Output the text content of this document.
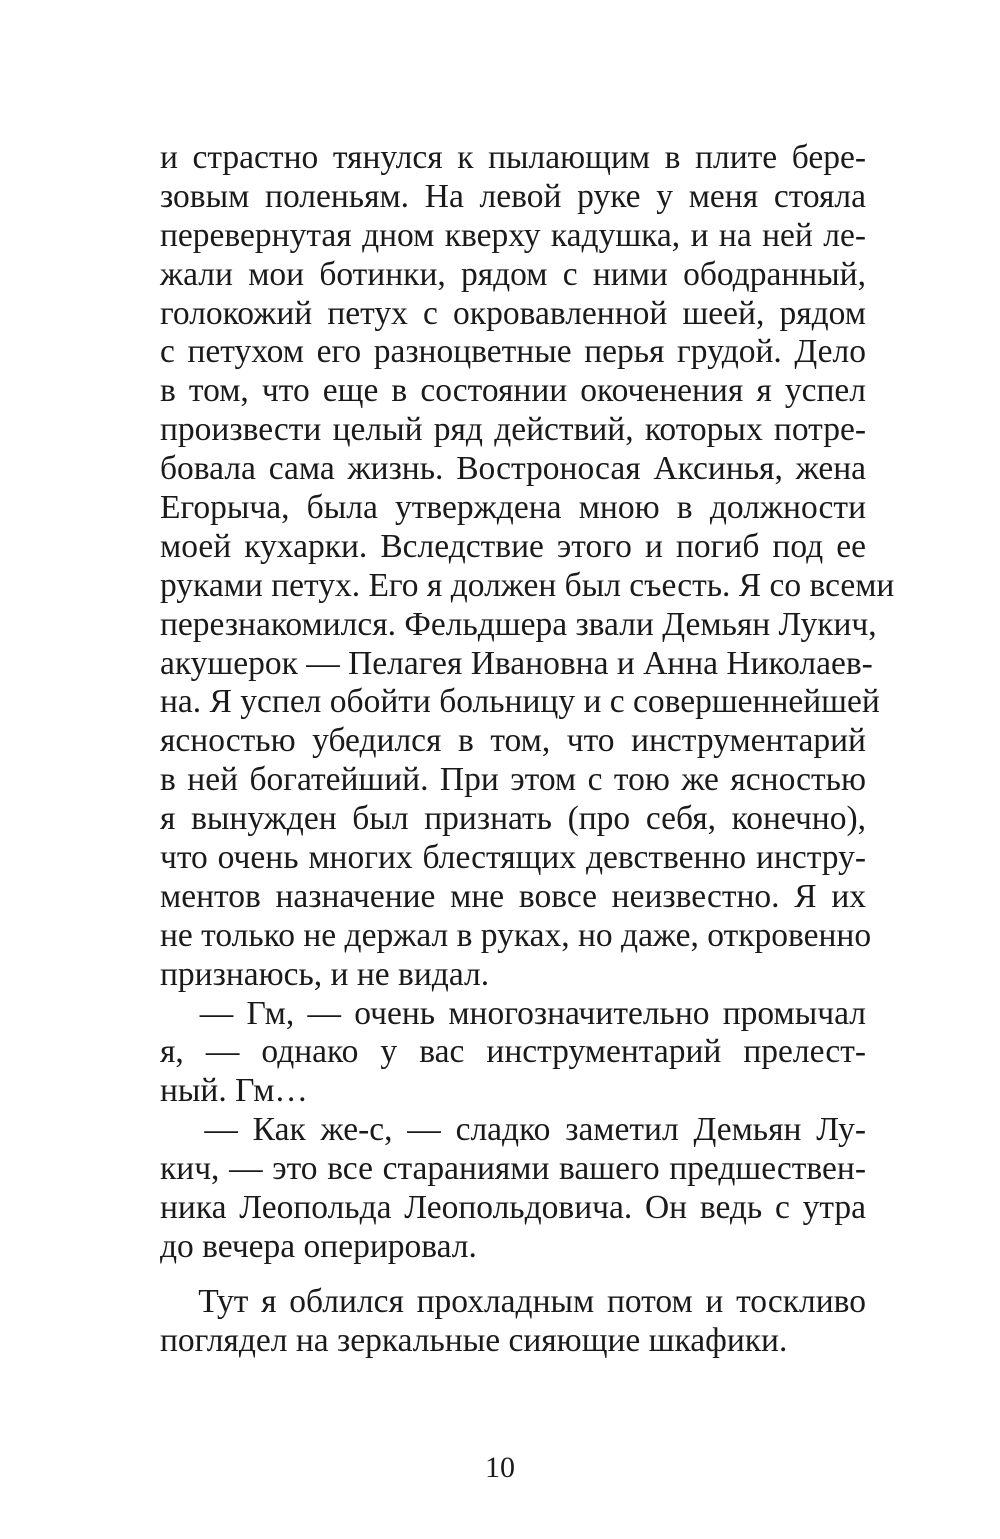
и страстно тянулся к пылающим в плите бере-
зовым поленьям. На левой руке у меня стояла
перевернутая дном кверху кадушка, и на ней ле-
жали мои ботинки, рядом с ними ободранный,
голокожий петух с окровавленной шеей, рядом
с петухом его разноцветные перья грудой. Дело
в том, что еще в состоянии окоченения я успел
произвести целый ряд действий, которых потре-
бовала сама жизнь. Востроносая Аксинья, жена
Егорыча, была утверждена мною в должности
моей кухарки. Вследствие этого и погиб под ее
руками петух. Его я должен был съесть. Я со всеми
перезнакомился. Фельдшера звали Демьян Лукич,
акушерок — Пелагея Ивановна и Анна Николаев-
на. Я успел обойти больницу и с совершеннейшей
ясностью убедился в том, что инструментарий
в ней богатейший. При этом с тою же ясностью
я вынужден был признать (про себя, конечно),
что очень многих блестящих девственно инстру-
ментов назначение мне вовсе неизвестно. Я их
не только не держал в руках, но даже, откровенно
признаюсь, и не видал.
— Гм, — очень многозначительно промычал
я, — однако у вас инструментарий прелест-
ный. Гм…
— Как же-с, — сладко заметил Демьян Лу-
кич, — это все стараниями вашего предшествен-
ника Леопольда Леопольдовича. Он ведь с утра
до вечера оперировал.
Тут я облился прохладным потом и тоскливо
поглядел на зеркальные сияющие шкафики.
10
